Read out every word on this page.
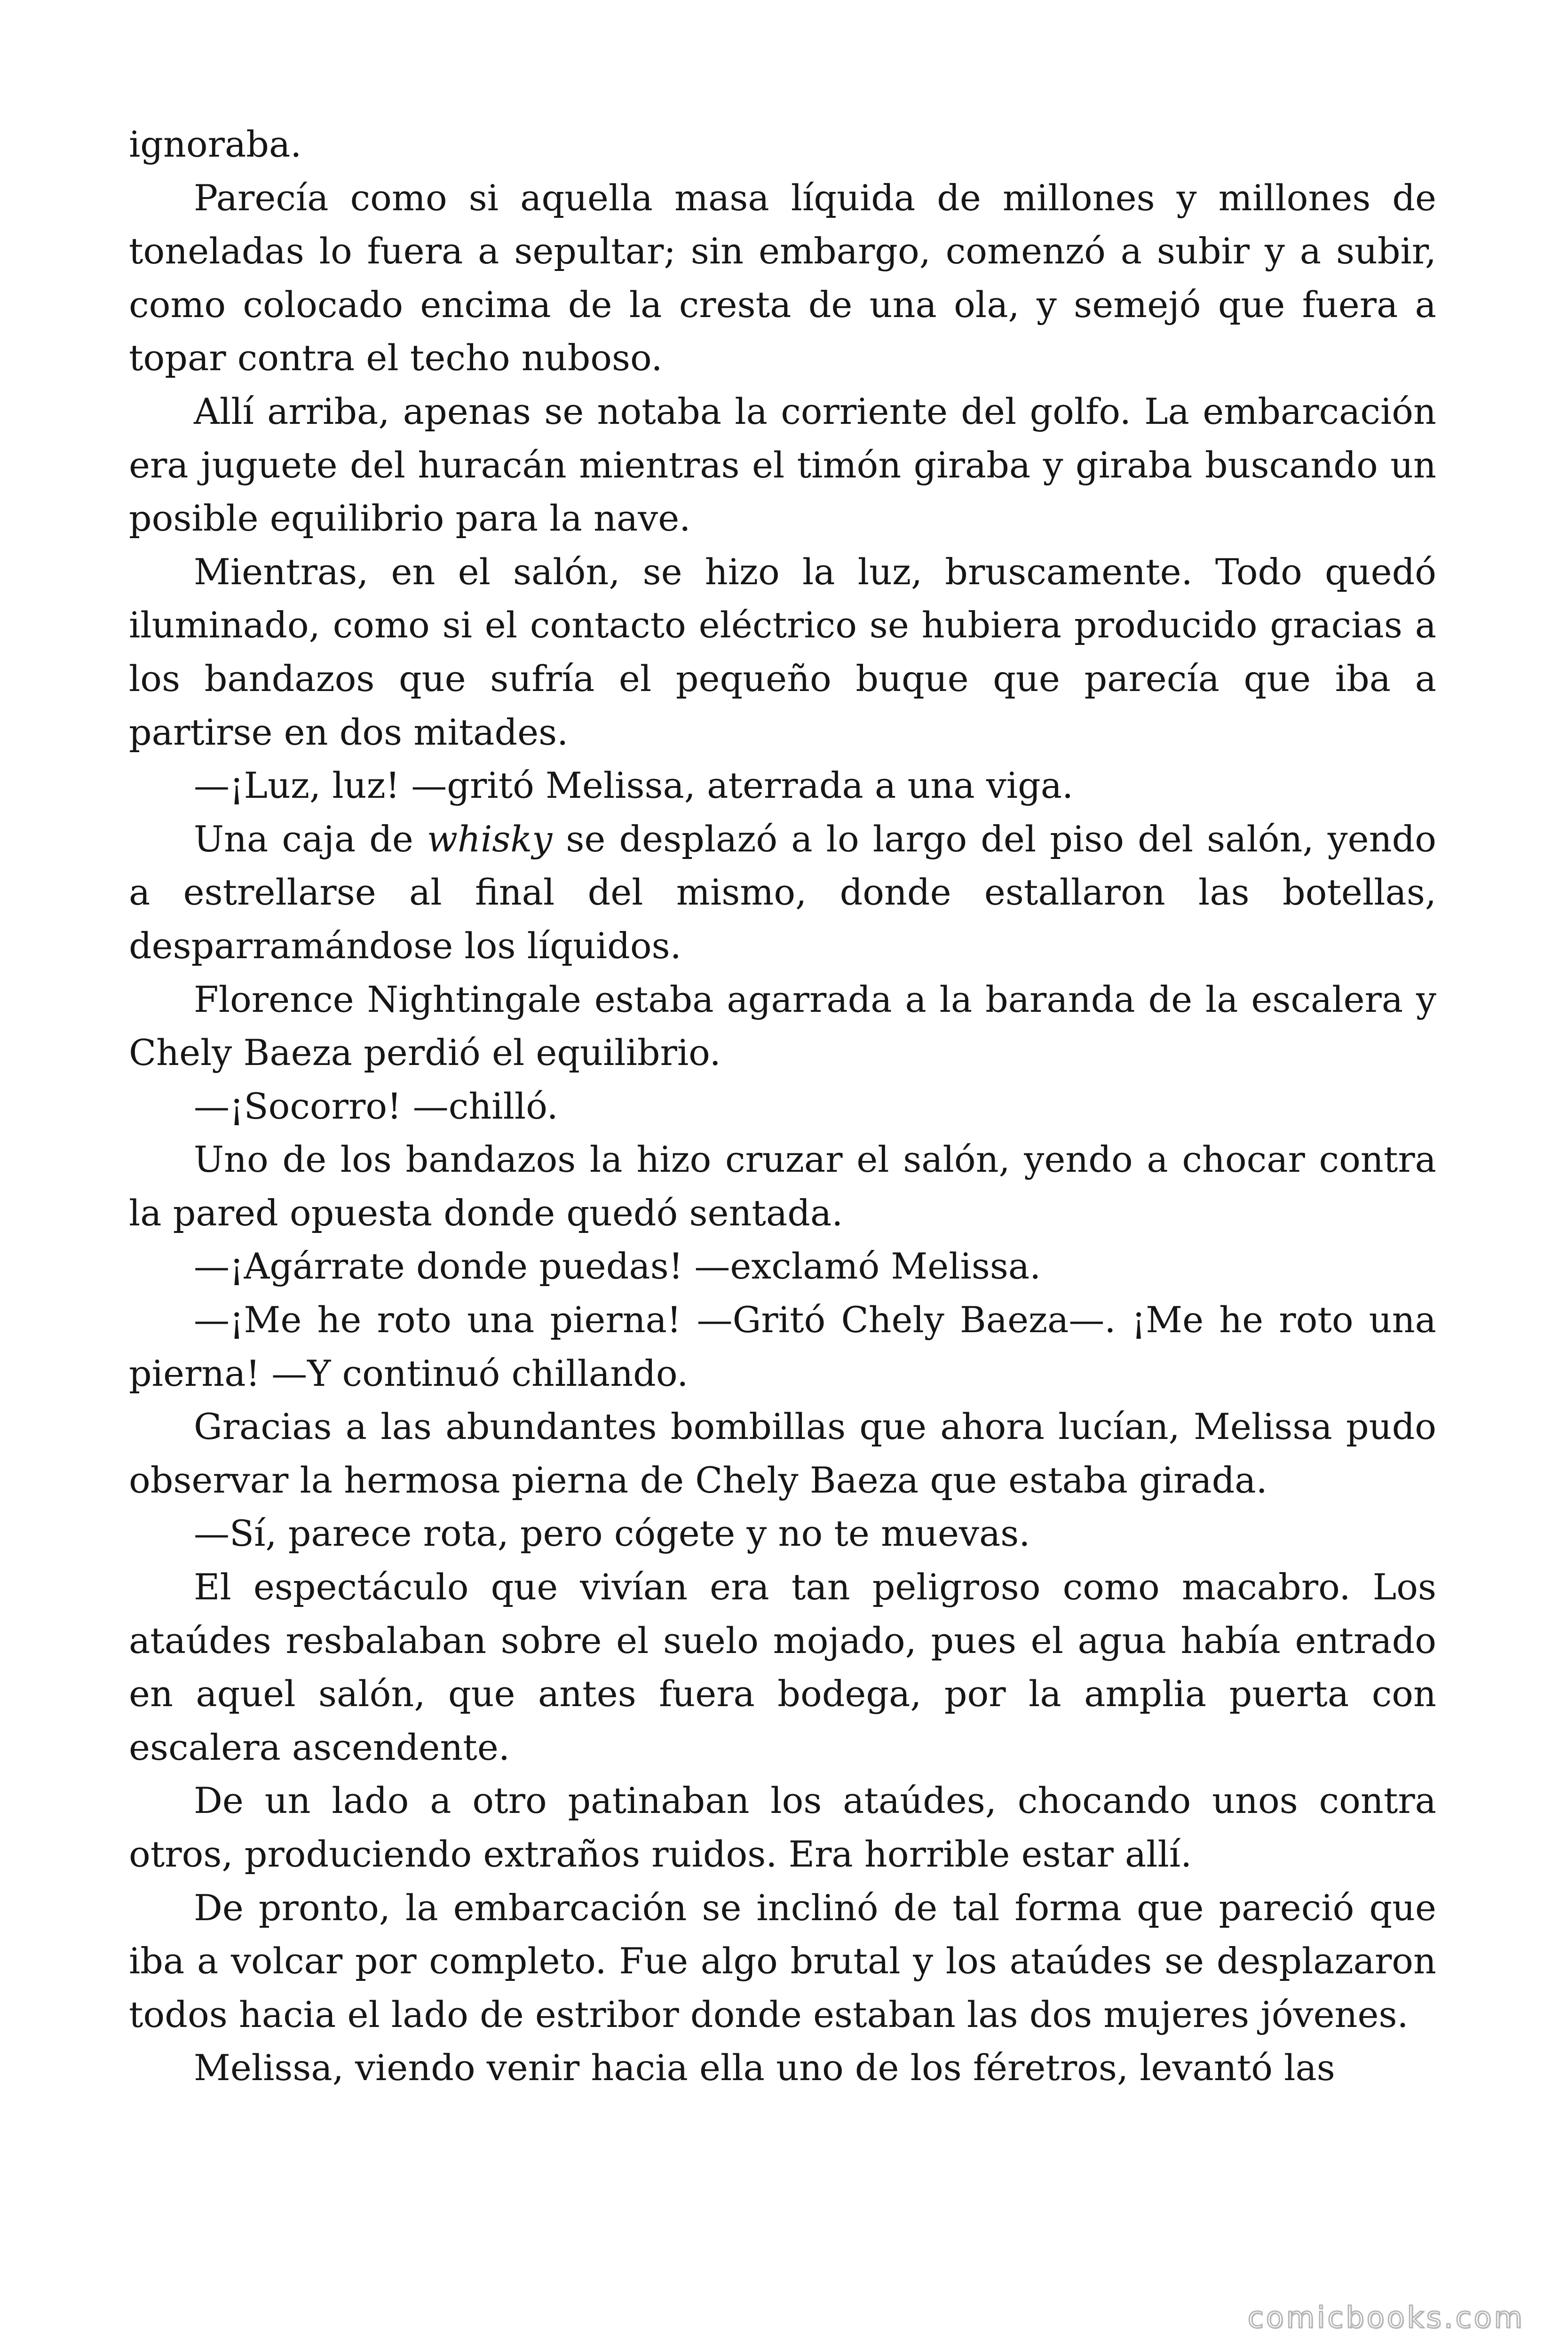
ignoraba.

Parecía como si aquella masa líquida de millones y millones de toneladas lo fuera a sepultar; sin embargo, comenzó a subir y a subir, como colocado encima de la cresta de una ola, y semejó que fuera a topar contra el techo nuboso.

Allí arriba, apenas se notaba la corriente del golfo. La embarcación era juguete del huracán mientras el timón giraba y giraba buscando un posible equilibrio para la nave.

Mientras, en el salón, se hizo la luz, bruscamente. Todo quedó iluminado, como si el contacto eléctrico se hubiera producido gracias a los bandazos que sufría el pequeño buque que parecía que iba a partirse en dos mitades.

—¡Luz, luz! —gritó Melissa, aterrada a una viga.

Una caja de whisky se desplazó a lo largo del piso del salón, yendo a estrellarse al final del mismo, donde estallaron las botellas, desparramándose los líquidos.

Florence Nightingale estaba agarrada a la baranda de la escalera y Chely Baeza perdió el equilibrio.

—¡Socorro! —chilló.

Uno de los bandazos la hizo cruzar el salón, yendo a chocar contra la pared opuesta donde quedó sentada.

—¡Agárrate donde puedas! —exclamó Melissa.

—¡Me he roto una pierna! —Gritó Chely Baeza—. ¡Me he roto una pierna! —Y continuó chillando.

Gracias a las abundantes bombillas que ahora lucían, Melissa pudo observar la hermosa pierna de Chely Baeza que estaba girada.

—Sí, parece rota, pero cógete y no te muevas.

El espectáculo que vivían era tan peligroso como macabro. Los ataúdes resbalaban sobre el suelo mojado, pues el agua había entrado en aquel salón, que antes fuera bodega, por la amplia puerta con escalera ascendente.

De un lado a otro patinaban los ataúdes, chocando unos contra otros, produciendo extraños ruidos. Era horrible estar allí.

De pronto, la embarcación se inclinó de tal forma que pareció que iba a volcar por completo. Fue algo brutal y los ataúdes se desplazaron todos hacia el lado de estribor donde estaban las dos mujeres jóvenes.

Melissa, viendo venir hacia ella uno de los féretros, levantó las

comicbooks.com
